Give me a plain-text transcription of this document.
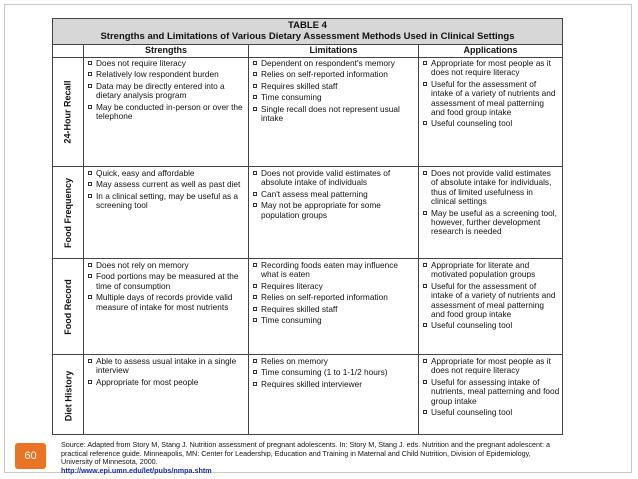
TABLE 4
Strengths and Limitations of Various Dietary Assessment Methods Used in Clinical Settings
Strengths	Limitations	Applications
24-Hour Recall

Does not require literacy

Relatively low respondent burden

Data may be directly entered into a dietary analysis program

May be conducted in-person or over the telephone

Dependent on respondent's memory

Relies on self-reported information

Requires skilled staff

Time consuming

Single recall does not represent usual intake

Appropriate for most people as it does not require literacy

Useful for the assessment of intake of a variety of nutrients and assessment of meal patterning and food group intake

Useful counseling tool

Food Frequency

Quick, easy and affordable

May assess current as well as past diet

In a clinical setting, may be useful as a screening tool

Does not provide valid estimates of absolute intake of individuals

Can't assess meal patterning

May not be appropriate for some population groups

Does not provide valid estimates of absolute intake for individuals, thus of limited usefulness in clinical settings

May be useful as a screening tool, however, further development research is needed

Food Record

Does not rely on memory

Food portions may be measured at the time of consumption

Multiple days of records provide valid measure of intake for most nutrients

Recording foods eaten may influence what is eaten

Requires literacy

Relies on self-reported information

Requires skilled staff

Time consuming

Appropriate for literate and motivated population groups

Useful for the assessment of intake of a variety of nutrients and assessment of meal patterning and food group intake

Useful counseling tool

Diet History

Able to assess usual intake in a single interview

Appropriate for most people

Relies on memory

Time consuming (1 to 1-1/2 hours)

Requires skilled interviewer

Appropriate for most people as it does not require literacy

Useful for assessing intake of nutrients, meal patterning and food group intake

Useful counseling tool

60
Source: Adapted from Story M, Stang J. Nutrition assessment of pregnant adolescents. In: Story M, Stang J. eds. Nutrition and the pregnant adolescent: a practical reference guide. Minneapolis, MN: Center for Leadership, Education and Training in Maternal and Child Nutrition, Division of Epidemiology, University of Minnesota, 2000.
http://www.epi.umn.edu/let/pubs/nmpa.shtm
